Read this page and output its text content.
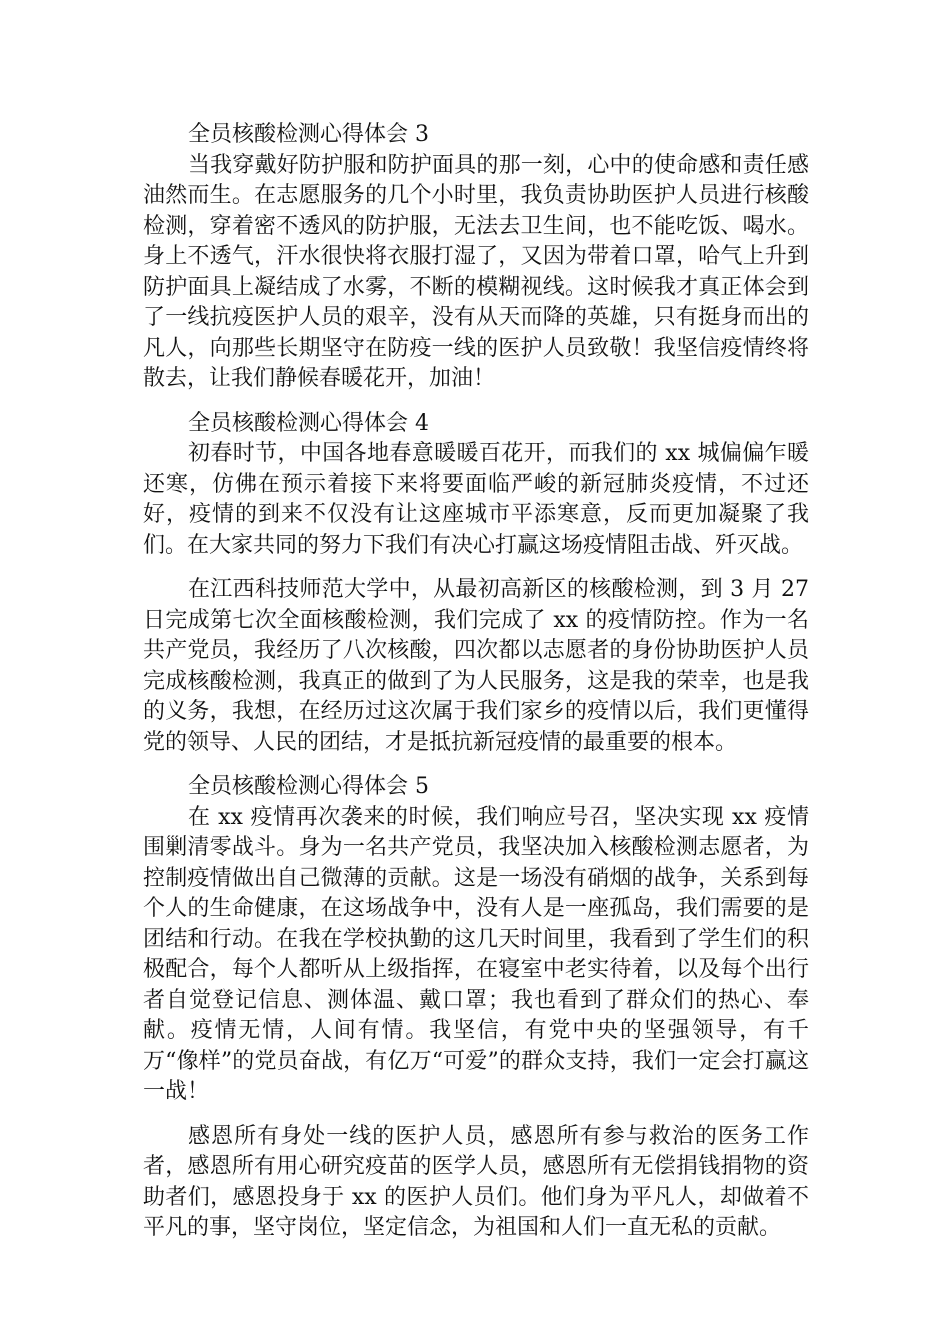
全员核酸检测心得体会 3

当我穿戴好防护服和防护面具的那一刻，心中的使命感和责任感油然而生。在志愿服务的几个小时里，我负责协助医护人员进行核酸检测，穿着密不透风的防护服，无法去卫生间，也不能吃饭、喝水。身上不透气，汗水很快将衣服打湿了，又因为带着口罩，哈气上升到防护面具上凝结成了水雾，不断的模糊视线。这时候我才真正体会到了一线抗疫医护人员的艰辛，没有从天而降的英雄，只有挺身而出的凡人，向那些长期坚守在防疫一线的医护人员致敬！我坚信疫情终将散去，让我们静候春暖花开，加油！

全员核酸检测心得体会 4

初春时节，中国各地春意暖暖百花开，而我们的 xx 城偏偏乍暖还寒，仿佛在预示着接下来将要面临严峻的新冠肺炎疫情，不过还好，疫情的到来不仅没有让这座城市平添寒意，反而更加凝聚了我们。在大家共同的努力下我们有决心打赢这场疫情阻击战、歼灭战。

在江西科技师范大学中，从最初高新区的核酸检测，到 3 月 27 日完成第七次全面核酸检测，我们完成了 xx 的疫情防控。作为一名共产党员，我经历了八次核酸，四次都以志愿者的身份协助医护人员完成核酸检测，我真正的做到了为人民服务，这是我的荣幸，也是我的义务，我想，在经历过这次属于我们家乡的疫情以后，我们更懂得党的领导、人民的团结，才是抵抗新冠疫情的最重要的根本。

全员核酸检测心得体会 5

在 xx 疫情再次袭来的时候，我们响应号召，坚决实现 xx 疫情围剿清零战斗。身为一名共产党员，我坚决加入核酸检测志愿者，为控制疫情做出自己微薄的贡献。这是一场没有硝烟的战争，关系到每个人的生命健康，在这场战争中，没有人是一座孤岛，我们需要的是团结和行动。在我在学校执勤的这几天时间里，我看到了学生们的积极配合，每个人都听从上级指挥，在寝室中老实待着，以及每个出行者自觉登记信息、测体温、戴口罩；我也看到了群众们的热心、奉献。疫情无情，人间有情。我坚信，有党中央的坚强领导，有千万“像样”的党员奋战，有亿万“可爱”的群众支持，我们一定会打赢这一战！

感恩所有身处一线的医护人员，感恩所有参与救治的医务工作者，感恩所有用心研究疫苗的医学人员，感恩所有无偿捐钱捐物的资助者们，感恩投身于 xx 的医护人员们。他们身为平凡人，却做着不平凡的事，坚守岗位，坚定信念，为祖国和人们一直无私的贡献。
